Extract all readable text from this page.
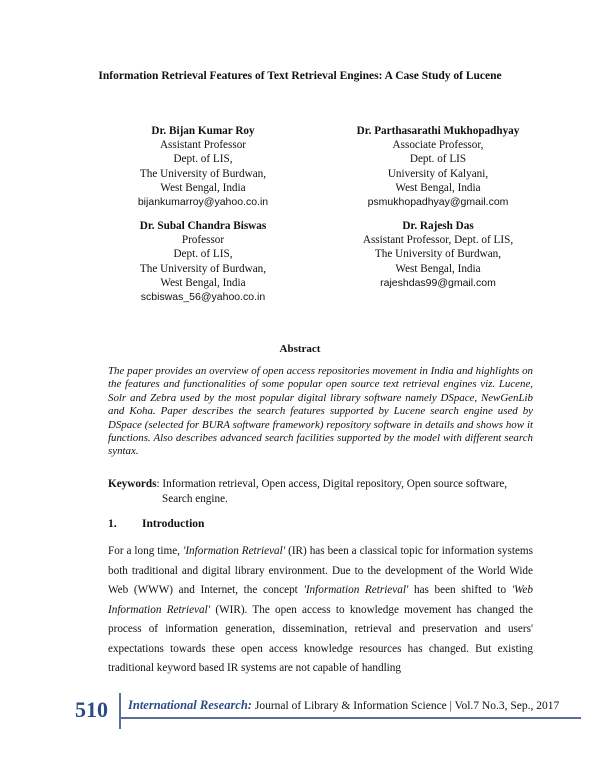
Information Retrieval Features of Text Retrieval Engines: A Case Study of Lucene
Dr. Bijan Kumar Roy
Assistant Professor
Dept. of LIS,
The University of Burdwan,
West Bengal, India
bijankumarroy@yahoo.co.in
Dr. Parthasarathi Mukhopadhyay
Associate Professor,
Dept. of LIS
University of Kalyani,
West Bengal, India
psmukhopadhyay@gmail.com
Dr. Subal Chandra Biswas
Professor
Dept. of LIS,
The University of Burdwan,
West Bengal, India
scbiswas_56@yahoo.co.in
Dr. Rajesh Das
Assistant Professor, Dept. of LIS,
The University of Burdwan,
West Bengal, India
rajeshdas99@gmail.com
Abstract
The paper provides an overview of open access repositories movement in India and highlights on the features and functionalities of some popular open source text retrieval engines viz. Lucene, Solr and Zebra used by the most popular digital library software namely DSpace, NewGenLib and Koha. Paper describes the search features supported by Lucene search engine used by DSpace (selected for BURA software framework) repository software in details and shows how it functions. Also describes advanced search facilities supported by the model with different search syntax.
Keywords: Information retrieval, Open access, Digital repository, Open source software,
Search engine.
1. Introduction

For a long time, 'Information Retrieval' (IR) has been a classical topic for information systems both traditional and digital library environment. Due to the development of the World Wide Web (WWW) and Internet, the concept 'Information Retrieval' has been shifted to 'Web Information Retrieval' (WIR). The open access to knowledge movement has changed the process of information generation, dissemination, retrieval and preservation and users' expectations towards these open access knowledge resources has changed. But existing traditional keyword based IR systems are not capable of handling

510 International Research: Journal of Library & Information Science | Vol.7 No.3, Sep., 2017
